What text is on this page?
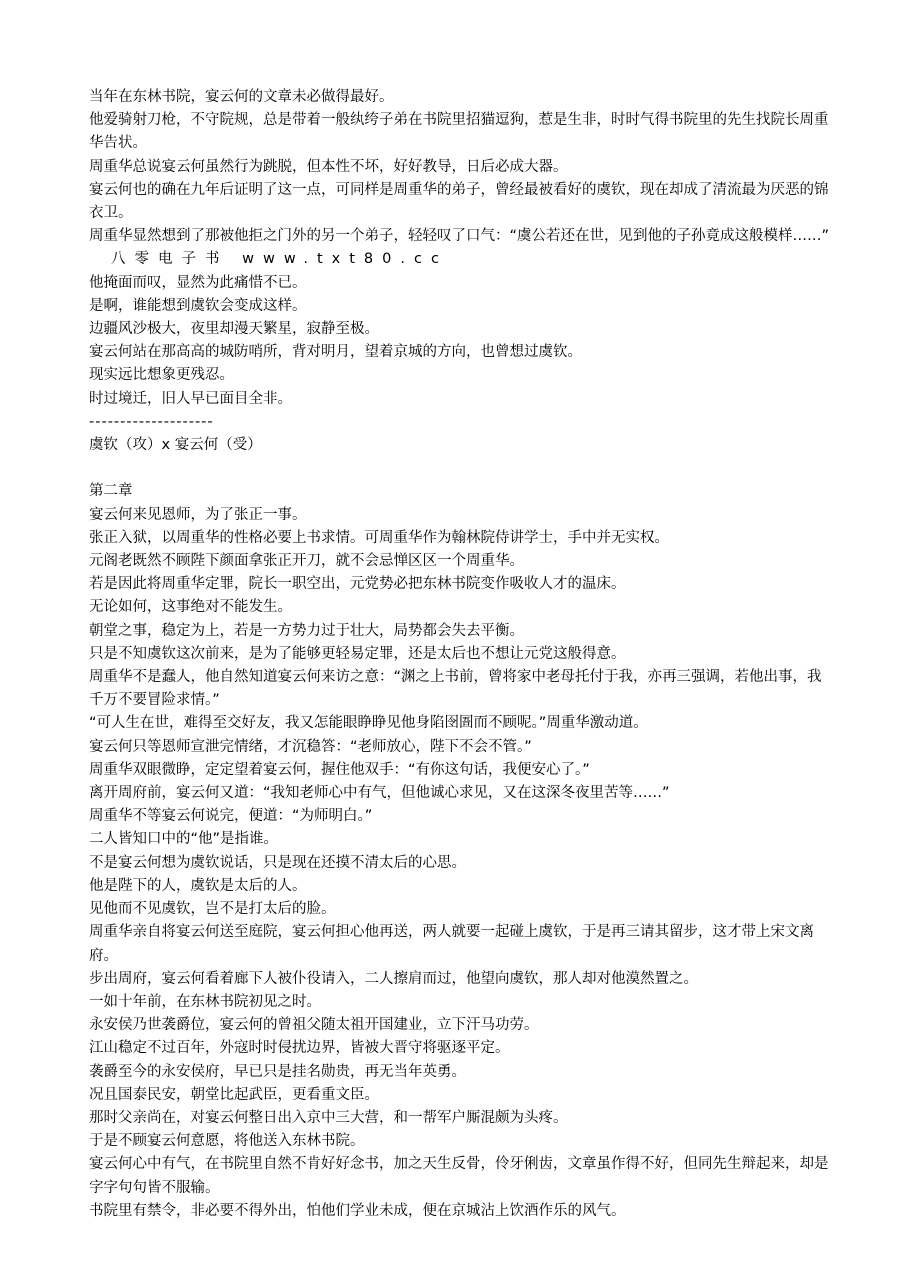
当年在东林书院，宴云何的文章未必做得最好。

他爱骑射刀枪，不守院规，总是带着一般纨绔子弟在书院里招猫逗狗，惹是生非，时时气得书院里的先生找院长周重华告状。

周重华总说宴云何虽然行为跳脱，但本性不坏，好好教导，日后必成大器。

宴云何也的确在九年后证明了这一点，可同样是周重华的弟子，曾经最被看好的虞钦，现在却成了清流最为厌恶的锦衣卫。

周重华显然想到了那被他拒之门外的另一个弟子，轻轻叹了口气：“虞公若还在世，见到他的子孙竟成这般模样……”

八零电子书 www.txt80.cc

他掩面而叹，显然为此痛惜不已。

是啊，谁能想到虞钦会变成这样。

边疆风沙极大，夜里却漫天繁星，寂静至极。

宴云何站在那高高的城防哨所，背对明月，望着京城的方向，也曾想过虞钦。

现实远比想象更残忍。

时过境迁，旧人早已面目全非。

--------------------

虞钦（攻）x 宴云何（受）

第二章

宴云何来见恩师，为了张正一事。

张正入狱，以周重华的性格必要上书求情。可周重华作为翰林院侍讲学士，手中并无实权。

元阁老既然不顾陛下颜面拿张正开刀，就不会忌惮区区一个周重华。

若是因此将周重华定罪，院长一职空出，元党势必把东林书院变作吸收人才的温床。

无论如何，这事绝对不能发生。

朝堂之事，稳定为上，若是一方势力过于壮大，局势都会失去平衡。

只是不知虞钦这次前来，是为了能够更轻易定罪，还是太后也不想让元党这般得意。

周重华不是蠢人，他自然知道宴云何来访之意：“渊之上书前，曾将家中老母托付于我，亦再三强调，若他出事，我千万不要冒险求情。”

“可人生在世，难得至交好友，我又怎能眼睁睁见他身陷囹圄而不顾呢。”周重华激动道。

宴云何只等恩师宣泄完情绪，才沉稳答：“老师放心，陛下不会不管。”

周重华双眼微睁，定定望着宴云何，握住他双手：“有你这句话，我便安心了。”

离开周府前，宴云何又道：“我知老师心中有气，但他诚心求见，又在这深冬夜里苦等……”

周重华不等宴云何说完，便道：“为师明白。”

二人皆知口中的“他”是指谁。

不是宴云何想为虞钦说话，只是现在还摸不清太后的心思。

他是陛下的人，虞钦是太后的人。

见他而不见虞钦，岂不是打太后的脸。

周重华亲自将宴云何送至庭院，宴云何担心他再送，两人就要一起碰上虞钦，于是再三请其留步，这才带上宋文离府。

步出周府，宴云何看着廊下人被仆役请入，二人擦肩而过，他望向虞钦，那人却对他漠然置之。

一如十年前，在东林书院初见之时。

永安侯乃世袭爵位，宴云何的曾祖父随太祖开国建业，立下汗马功劳。

江山稳定不过百年，外寇时时侵扰边界，皆被大晋守将驱逐平定。

袭爵至今的永安侯府，早已只是挂名勋贵，再无当年英勇。

况且国泰民安，朝堂比起武臣，更看重文臣。

那时父亲尚在，对宴云何整日出入京中三大营，和一帮军户厮混颇为头疼。

于是不顾宴云何意愿，将他送入东林书院。

宴云何心中有气，在书院里自然不肯好好念书，加之天生反骨，伶牙俐齿，文章虽作得不好，但同先生辩起来，却是字字句句皆不服输。

书院里有禁令，非必要不得外出，怕他们学业未成，便在京城沾上饮酒作乐的风气。
